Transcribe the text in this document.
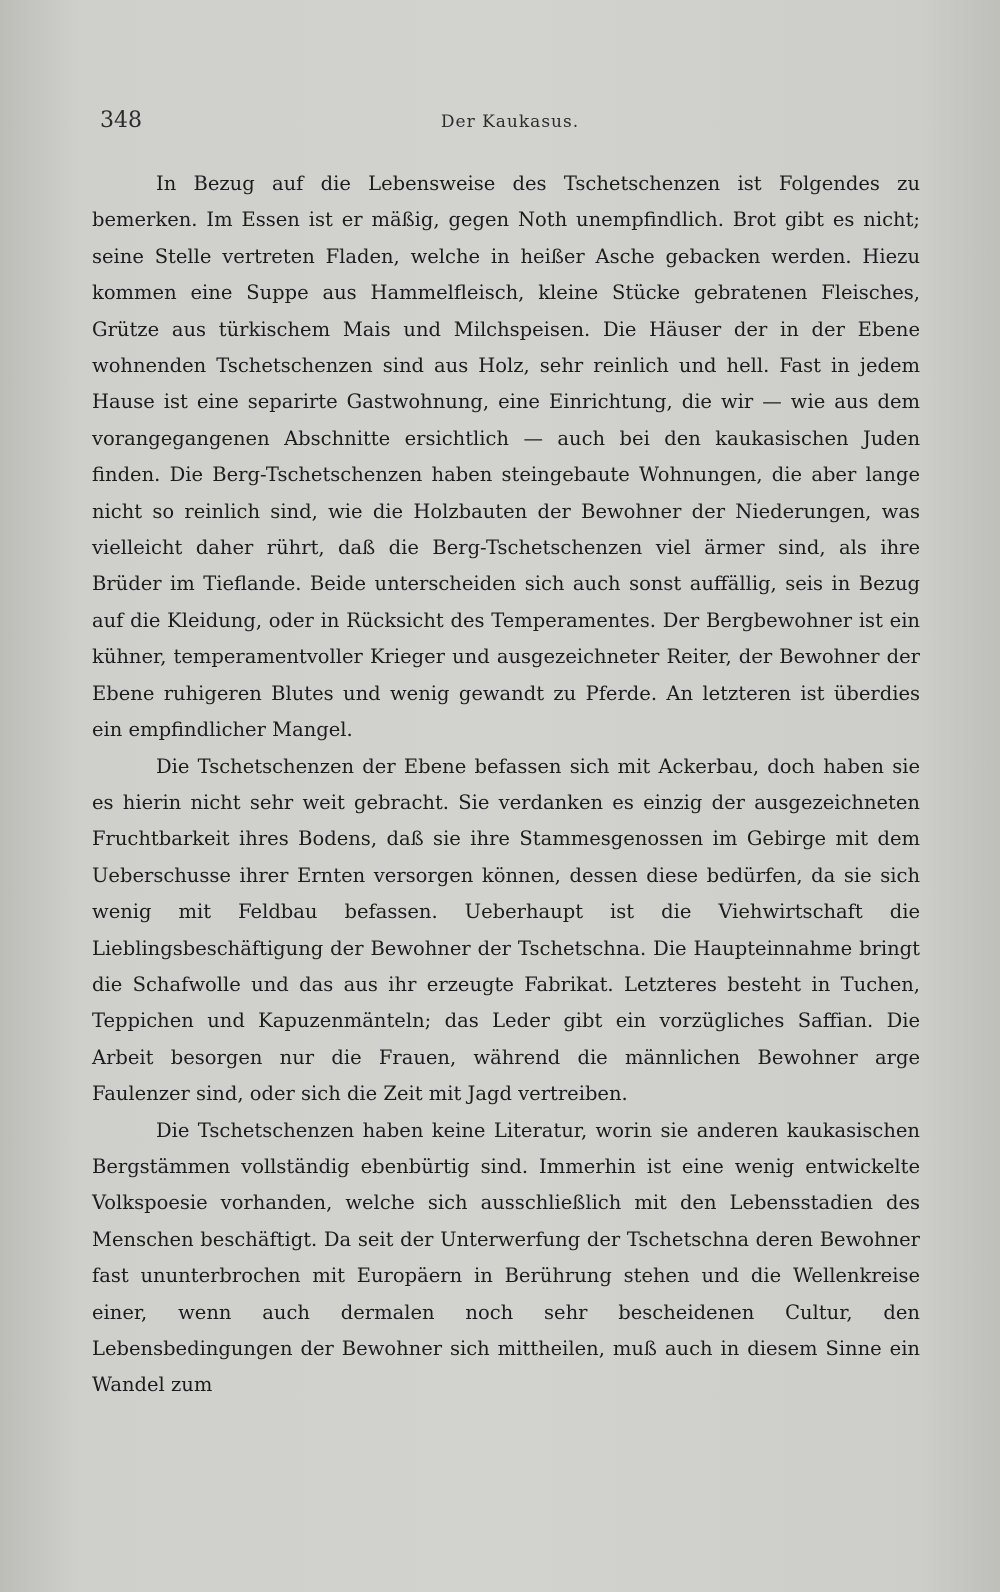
348	Der Kaukasus.

In Bezug auf die Lebensweise des Tschetschenzen ist Folgendes zu bemerken. Im Essen ist er mäßig, gegen Noth unempfindlich. Brot gibt es nicht; seine Stelle vertreten Fladen, welche in heißer Asche gebacken werden. Hiezu kommen eine Suppe aus Hammelfleisch, kleine Stücke gebratenen Fleisches, Grütze aus türkischem Mais und Milchspeisen. Die Häuser der in der Ebene wohnenden Tschetschenzen sind aus Holz, sehr reinlich und hell. Fast in jedem Hause ist eine separirte Gastwohnung, eine Einrichtung, die wir — wie aus dem vorangegangenen Abschnitte ersichtlich — auch bei den kaukasischen Juden finden. Die Berg-Tschetschenzen haben steingebaute Wohnungen, die aber lange nicht so reinlich sind, wie die Holzbauten der Bewohner der Niederungen, was vielleicht daher rührt, daß die Berg-Tschetschenzen viel ärmer sind, als ihre Brüder im Tieflande. Beide unterscheiden sich auch sonst auffällig, seis in Bezug auf die Kleidung, oder in Rücksicht des Temperamentes. Der Bergbewohner ist ein kühner, temperamentvoller Krieger und ausgezeichneter Reiter, der Bewohner der Ebene ruhigeren Blutes und wenig gewandt zu Pferde. An letzteren ist überdies ein empfindlicher Mangel.

Die Tschetschenzen der Ebene befassen sich mit Ackerbau, doch haben sie es hierin nicht sehr weit gebracht. Sie verdanken es einzig der ausgezeichneten Fruchtbarkeit ihres Bodens, daß sie ihre Stammesgenossen im Gebirge mit dem Ueberschusse ihrer Ernten versorgen können, dessen diese bedürfen, da sie sich wenig mit Feldbau befassen. Ueberhaupt ist die Viehwirtschaft die Lieblingsbeschäftigung der Bewohner der Tschetschna. Die Haupteinnahme bringt die Schafwolle und das aus ihr erzeugte Fabrikat. Letzteres besteht in Tuchen, Teppichen und Kapuzenmänteln; das Leder gibt ein vorzügliches Saffian. Die Arbeit besorgen nur die Frauen, während die männlichen Bewohner arge Faulenzer sind, oder sich die Zeit mit Jagd vertreiben.

Die Tschetschenzen haben keine Literatur, worin sie anderen kaukasischen Bergstämmen vollständig ebenbürtig sind. Immerhin ist eine wenig entwickelte Volkspoesie vorhanden, welche sich ausschließlich mit den Lebensstadien des Menschen beschäftigt. Da seit der Unterwerfung der Tschetschna deren Bewohner fast ununterbrochen mit Europäern in Berührung stehen und die Wellenkreise einer, wenn auch dermalen noch sehr bescheidenen Cultur, den Lebensbedingungen der Bewohner sich mittheilen, muß auch in diesem Sinne ein Wandel zum
